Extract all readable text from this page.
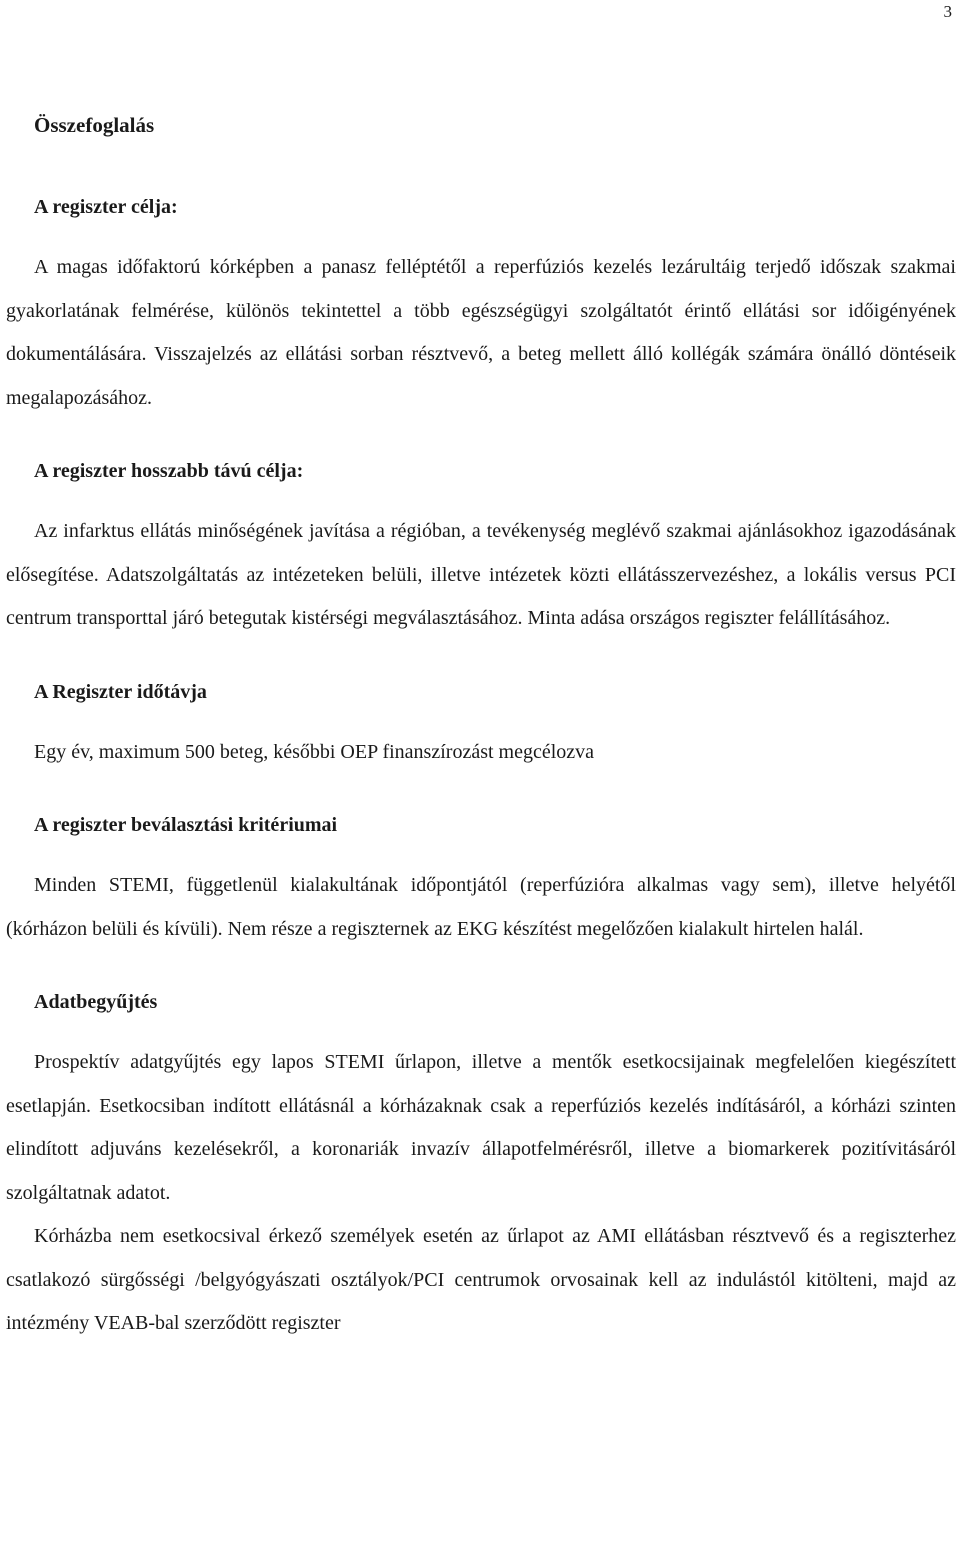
3
Összefoglalás
A regiszter célja:

A magas időfaktorú kórképben a panasz felléptétől a reperfúziós kezelés lezárultáig terjedő időszak szakmai gyakorlatának felmérése, különös tekintettel a több egészségügyi szolgáltatót érintő ellátási sor időigényének dokumentálására. Visszajelzés az ellátási sorban résztvevő, a beteg mellett álló kollégák számára önálló döntéseik megalapozásához.

A regiszter hosszabb távú célja:

Az infarktus ellátás minőségének javítása a régióban, a tevékenység meglévő szakmai ajánlásokhoz igazodásának elősegítése. Adatszolgáltatás az intézeteken belüli, illetve intézetek közti ellátásszervezéshez, a lokális versus PCI centrum transporttal járó betegutak kistérségi megválasztásához. Minta adása országos regiszter felállításához.

A Regiszter időtávja

Egy év, maximum 500 beteg, későbbi OEP finanszírozást megcélozva

A regiszter beválasztási kritériumai

Minden STEMI, függetlenül kialakultának időpontjától (reperfúzióra alkalmas vagy sem), illetve helyétől (kórházon belüli és kívüli). Nem része a regiszternek az EKG készítést megelőzően kialakult hirtelen halál.

Adatbegyűjtés

Prospektív adatgyűjtés egy lapos STEMI űrlapon, illetve a mentők esetkocsijainak megfelelően kiegészített esetlapján. Esetkocsiban indított ellátásnál a kórházaknak csak a reperfúziós kezelés indításáról, a kórházi szinten elindított adjuváns kezelésekről, a koronariák invazív állapotfelmérésről, illetve a biomarkerek pozitívitásáról szolgáltatnak adatot.

Kórházba nem esetkocsival érkező személyek esetén az űrlapot az AMI ellátásban résztvevő és a regiszterhez csatlakozó sürgősségi /belgyógyászati osztályok/PCI centrumok orvosainak kell az indulástól kitölteni, majd az intézmény VEAB-bal szerződött regiszter
